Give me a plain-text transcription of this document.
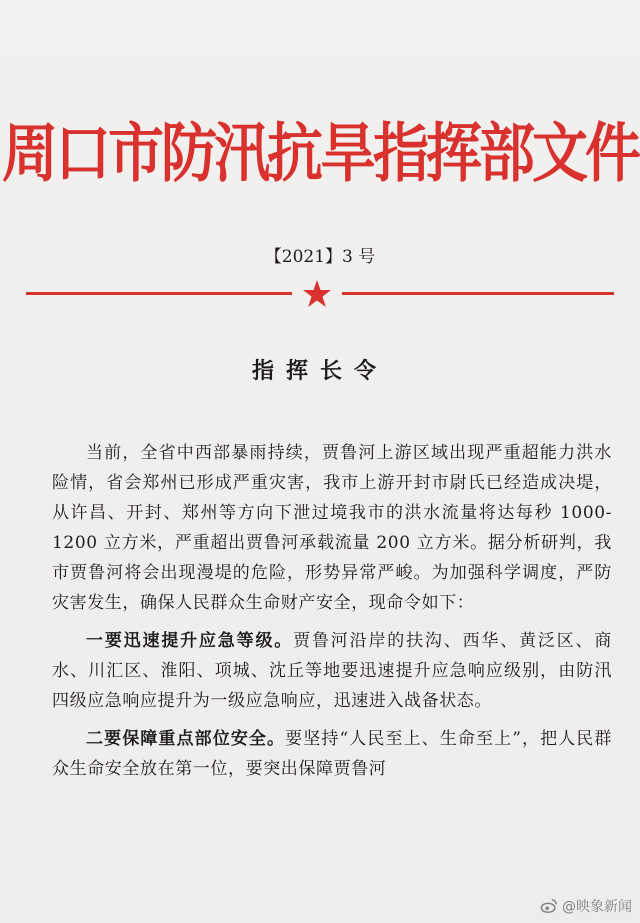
周口市防汛抗旱指挥部文件
【2021】3 号
指挥长令

当前，全省中西部暴雨持续，贾鲁河上游区域出现严重超能力洪水险情，省会郑州已形成严重灾害，我市上游开封市尉氏已经造成决堤，从许昌、开封、郑州等方向下泄过境我市的洪水流量将达每秒 1000-1200 立方米，严重超出贾鲁河承载流量 200 立方米。据分析研判，我市贾鲁河将会出现漫堤的危险，形势异常严峻。为加强科学调度，严防灾害发生，确保人民群众生命财产安全，现命令如下：

一要迅速提升应急等级。贾鲁河沿岸的扶沟、西华、黄泛区、商水、川汇区、淮阳、项城、沈丘等地要迅速提升应急响应级别，由防汛四级应急响应提升为一级应急响应，迅速进入战备状态。

二要保障重点部位安全。要坚持“人民至上、生命至上”，把人民群众生命安全放在第一位，要突出保障贾鲁河

@映象新闻
